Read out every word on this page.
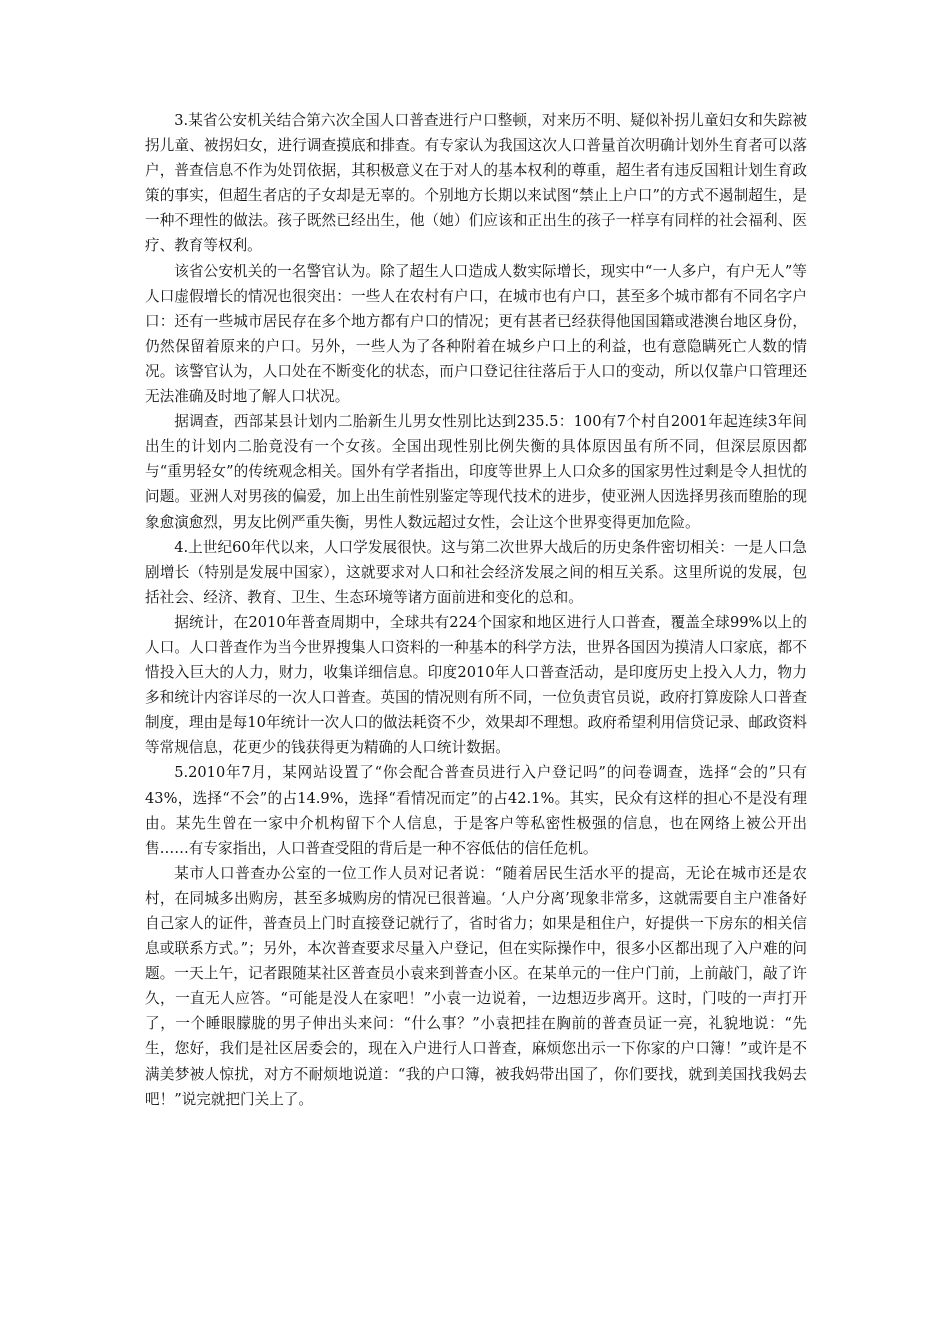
3.某省公安机关结合第六次全国人口普查进行户口整顿，对来历不明、疑似补拐儿童妇女和失踪被拐儿童、被拐妇女，进行调查摸底和排查。有专家认为我国这次人口普量首次明确计划外生育者可以落户，普查信息不作为处罚依据，其积极意义在于对人的基本权利的尊重，超生者有违反国粗计划生育政策的事实，但超生者店的子女却是无辜的。个别地方长期以来试图“禁止上户口”的方式不遏制超生，是一种不理性的做法。孩子既然已经出生，他（她）们应该和正出生的孩子一样享有同样的社会福利、医疗、教育等权利。

该省公安机关的一名警官认为。除了超生人口造成人数实际增长，现实中“一人多户，有户无人”等人口虚假增长的情况也很突出：一些人在农村有户口，在城市也有户口，甚至多个城市都有不同名字户口：还有一些城市居民存在多个地方都有户口的情况；更有甚者已经获得他国国籍或港澳台地区身份，仍然保留着原来的户口。另外，一些人为了各种附着在城乡户口上的利益，也有意隐瞒死亡人数的情况。该警官认为，人口处在不断变化的状态，而户口登记往往落后于人口的变动，所以仅靠户口管理还无法准确及时地了解人口状况。

据调查，西部某县计划内二胎新生儿男女性别比达到235.5：100有7个村自2001年起连续3年间出生的计划内二胎竟没有一个女孩。全国出现性别比例失衡的具体原因虽有所不同，但深层原因都与“重男轻女”的传统观念相关。国外有学者指出，印度等世界上人口众多的国家男性过剩是令人担忧的问题。亚洲人对男孩的偏爱，加上出生前性别鉴定等现代技术的进步，使亚洲人因选择男孩而堕胎的现象愈演愈烈，男友比例严重失衡，男性人数远超过女性，会让这个世界变得更加危险。

4.上世纪60年代以来，人口学发展很快。这与第二次世界大战后的历史条件密切相关：一是人口急剧增长（特别是发展中国家），这就要求对人口和社会经济发展之间的相互关系。这里所说的发展，包括社会、经济、教育、卫生、生态环境等诸方面前进和变化的总和。

据统计，在2010年普查周期中，全球共有224个国家和地区进行人口普查，覆盖全球99%以上的人口。人口普查作为当今世界搜集人口资料的一种基本的科学方法，世界各国因为摸清人口家底，都不惜投入巨大的人力，财力，收集详细信息。印度2010年人口普查活动，是印度历史上投入人力，物力多和统计内容详尽的一次人口普查。英国的情况则有所不同，一位负责官员说，政府打算废除人口普查制度，理由是每10年统计一次人口的做法耗资不少，效果却不理想。政府希望利用信贷记录、邮政资料等常规信息，花更少的钱获得更为精确的人口统计数据。

5.2010年7月，某网站设置了“你会配合普查员进行入户登记吗”的问卷调查，选择“会的”只有43%，选择“不会”的占14.9%，选择“看情况而定”的占42.1%。其实，民众有这样的担心不是没有理由。某先生曾在一家中介机构留下个人信息，于是客户等私密性极强的信息，也在网络上被公开出售……有专家指出，人口普查受阻的背后是一种不容低估的信任危机。

某市人口普查办公室的一位工作人员对记者说：“随着居民生活水平的提高，无论在城市还是农村，在同城多出购房，甚至多城购房的情况已很普遍。‘人户分离’现象非常多，这就需要自主户准备好自己家人的证件，普查员上门时直接登记就行了，省时省力；如果是租住户，好提供一下房东的相关信息或联系方式。”；另外，本次普查要求尽量入户登记，但在实际操作中，很多小区都出现了入户难的问题。一天上午，记者跟随某社区普查员小袁来到普查小区。在某单元的一住户门前，上前敲门，敲了许久，一直无人应答。“可能是没人在家吧！”小袁一边说着，一边想迈步离开。这时，门吱的一声打开了，一个睡眼朦胧的男子伸出头来问：“什么事？”小袁把挂在胸前的普查员证一亮，礼貌地说：“先生，您好，我们是社区居委会的，现在入户进行人口普查，麻烦您出示一下你家的户口簿！”或许是不满美梦被人惊扰，对方不耐烦地说道：“我的户口簿，被我妈带出国了，你们要找，就到美国找我妈去吧！”说完就把门关上了。
